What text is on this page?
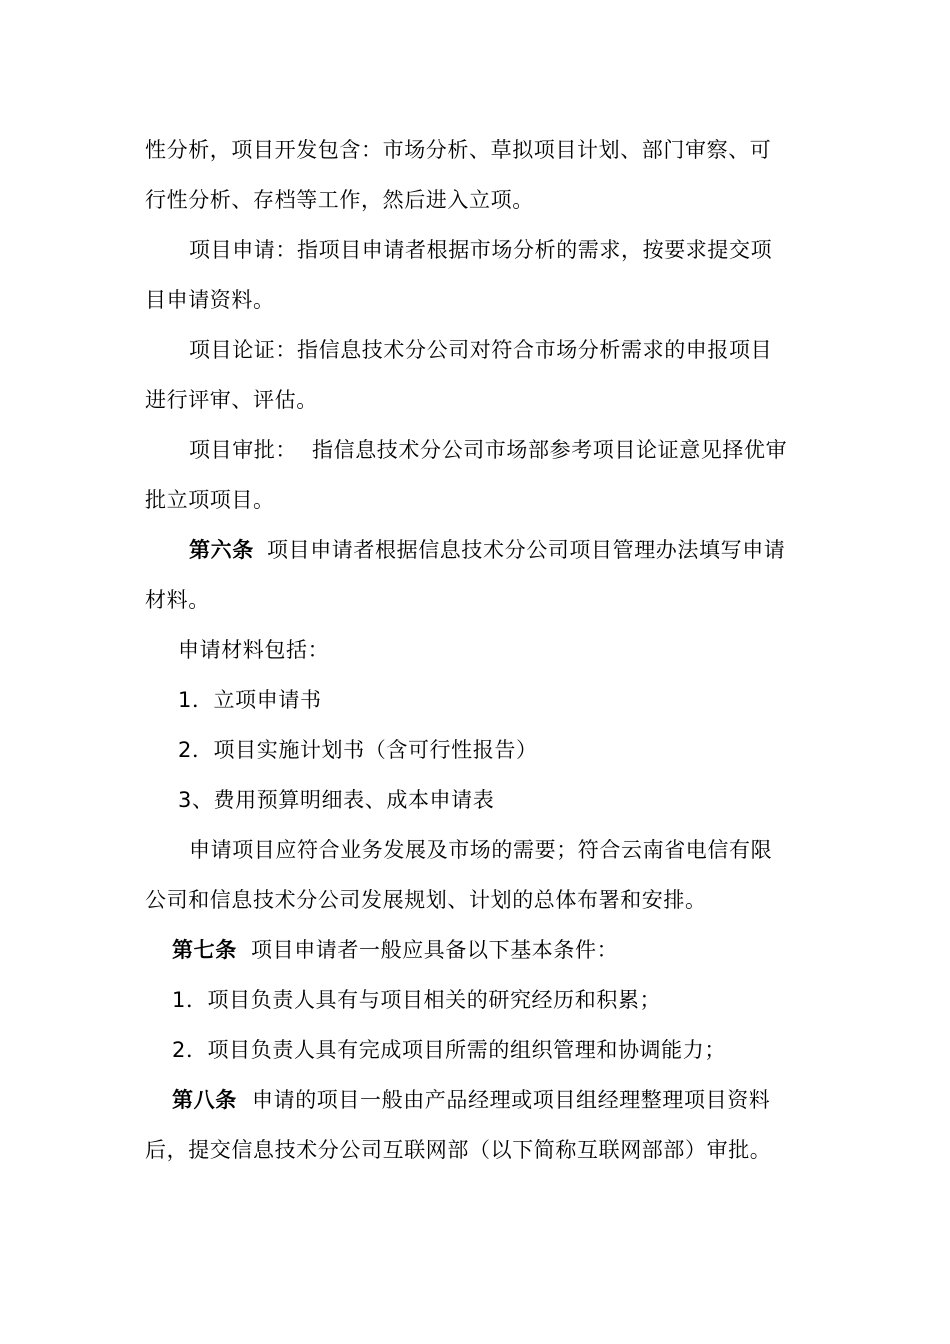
性分析，项目开发包含：市场分析、草拟项目计划、部门审察、可
行性分析、存档等工作，然后进入立项。
项目申请：指项目申请者根据市场分析的需求，按要求提交项
目申请资料。
项目论证：指信息技术分公司对符合市场分析需求的申报项目
进行评审、评估。
项目审批： 指信息技术分公司市场部参考项目论证意见择优审
批立项项目。
第六条 项目申请者根据信息技术分公司项目管理办法填写申请
材料。
申请材料包括：
1．立项申请书
2．项目实施计划书（含可行性报告）
3、费用预算明细表、成本申请表
申请项目应符合业务发展及市场的需要；符合云南省电信有限
公司和信息技术分公司发展规划、计划的总体布署和安排。
第七条 项目申请者一般应具备以下基本条件：
1．项目负责人具有与项目相关的研究经历和积累；
2．项目负责人具有完成项目所需的组织管理和协调能力；
第八条 申请的项目一般由产品经理或项目组经理整理项目资料
后，提交信息技术分公司互联网部（以下简称互联网部部）审批。
